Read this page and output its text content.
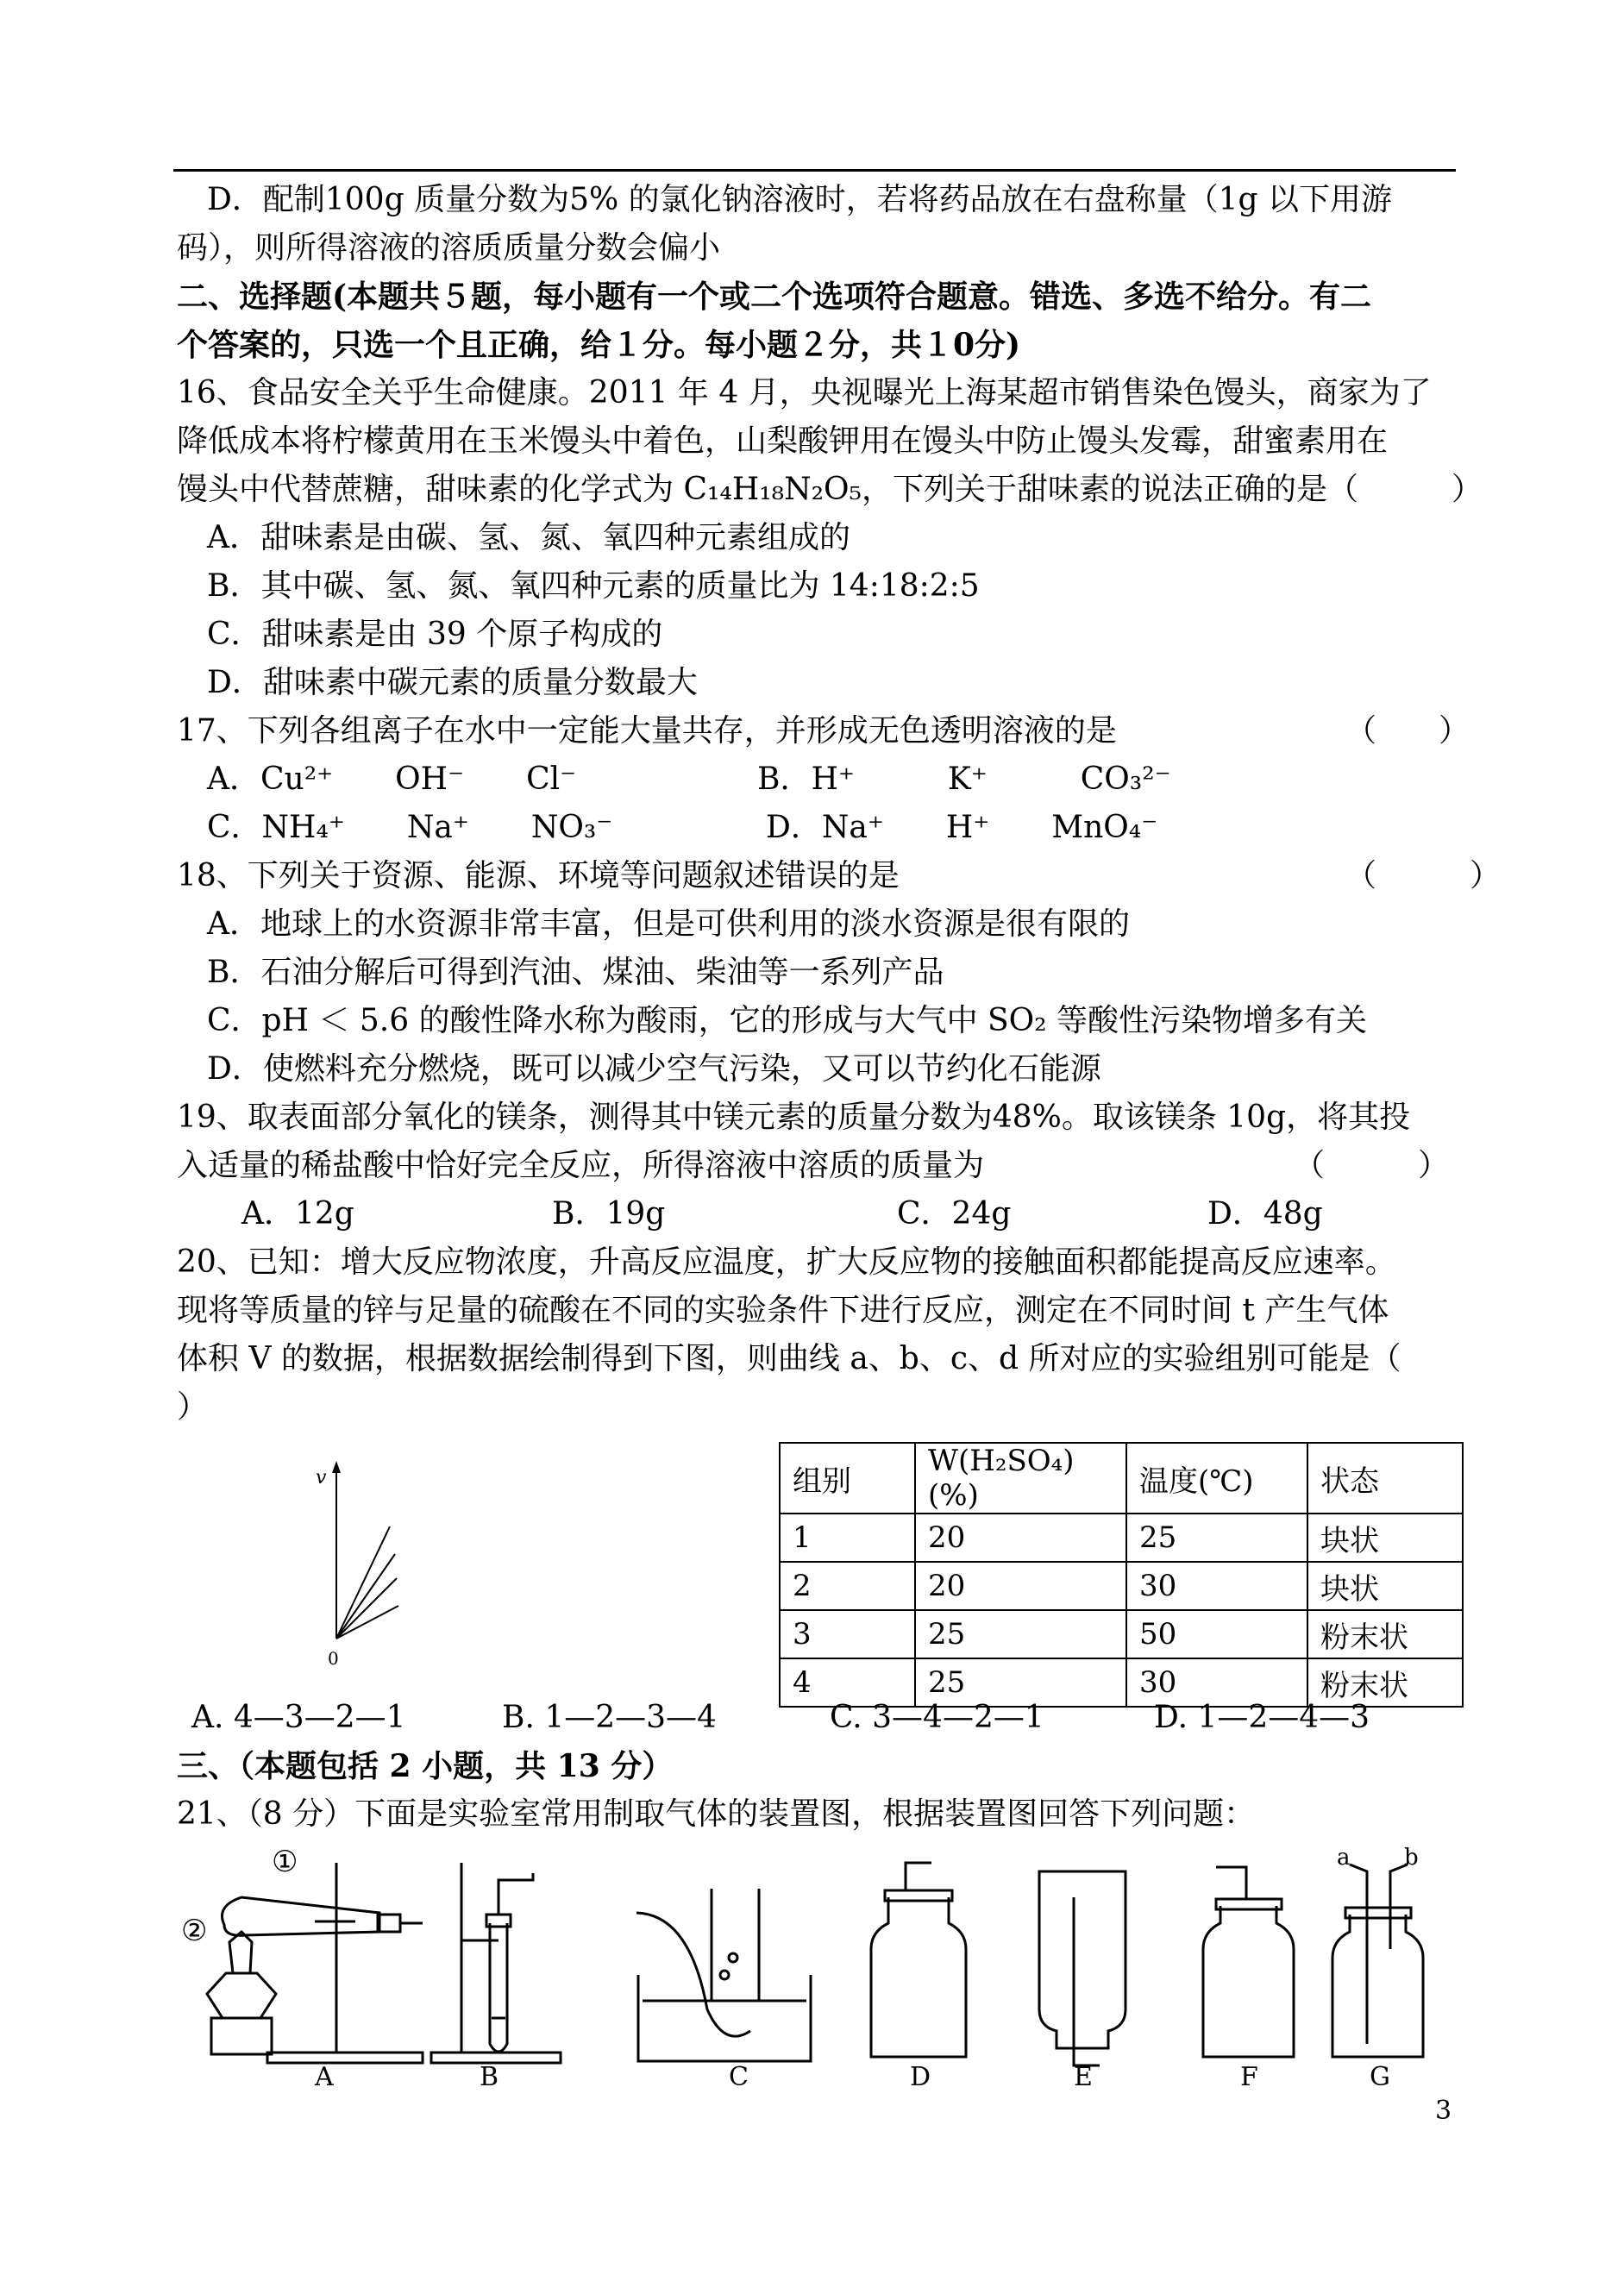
D．配制100g 质量分数为5% 的氯化钠溶液时，若将药品放在右盘称量（1g 以下用游
码），则所得溶液的溶质质量分数会偏小
二、选择题(本题共５题，每小题有一个或二个选项符合题意。错选、多选不给分。有二
个答案的，只选一个且正确，给１分。每小题２分，共１0分)
16、食品安全关乎生命健康。2011 年 4 月，央视曝光上海某超市销售染色馒头，商家为了
降低成本将柠檬黄用在玉米馒头中着色，山梨酸钾用在馒头中防止馒头发霉，甜蜜素用在
馒头中代替蔗糖，甜味素的化学式为 C₁₄H₁₈N₂O₅，下列关于甜味素的说法正确的是（　　　）
A．甜味素是由碳、氢、氮、氧四种元素组成的
B．其中碳、氢、氮、氧四种元素的质量比为 14:18:2:5
C．甜味素是由 39 个原子构成的
D．甜味素中碳元素的质量分数最大
17、下列各组离子在水中一定能大量共存，并形成无色透明溶液的是	（　　）
A．Cu²⁺　　OH⁻　　Cl⁻	B．H⁺　　　K⁺　　　CO₃²⁻
C．NH₄⁺　　Na⁺　　NO₃⁻	D．Na⁺　　H⁺　　MnO₄⁻
18、下列关于资源、能源、环境等问题叙述错误的是	（　　　）
A．地球上的水资源非常丰富，但是可供利用的淡水资源是很有限的
B．石油分解后可得到汽油、煤油、柴油等一系列产品
C．pH ＜ 5.6 的酸性降水称为酸雨，它的形成与大气中 SO₂ 等酸性污染物增多有关
D．使燃料充分燃烧，既可以减少空气污染，又可以节约化石能源
19、取表面部分氧化的镁条，测得其中镁元素的质量分数为48%。取该镁条 10g，将其投
入适量的稀盐酸中恰好完全反应，所得溶液中溶质的质量为	（　　　）
A．12g	B．19g	C．24g	D．48g
20、已知：增大反应物浓度，升高反应温度，扩大反应物的接触面积都能提高反应速率。
现将等质量的锌与足量的硫酸在不同的实验条件下进行反应，测定在不同时间 t 产生气体
体积 V 的数据，根据数据绘制得到下图，则曲线 a、b、c、d 所对应的实验组别可能是（
）
v
0
组别	W(H₂SO₄)(%)	温度(℃)	状态
1	20	25	块状
2	20	30	块状
3	25	50	粉末状
4	25	30	粉末状
A. 4—3—2—1	B. 1—2—3—4	C. 3—4—2—1	D. 1—2—4—3
三、（本题包括 2 小题，共 13 分）
21、（8 分）下面是实验室常用制取气体的装置图，根据装置图回答下列问题：
①
②
a b
A	B	C	D	E	F	G
3
